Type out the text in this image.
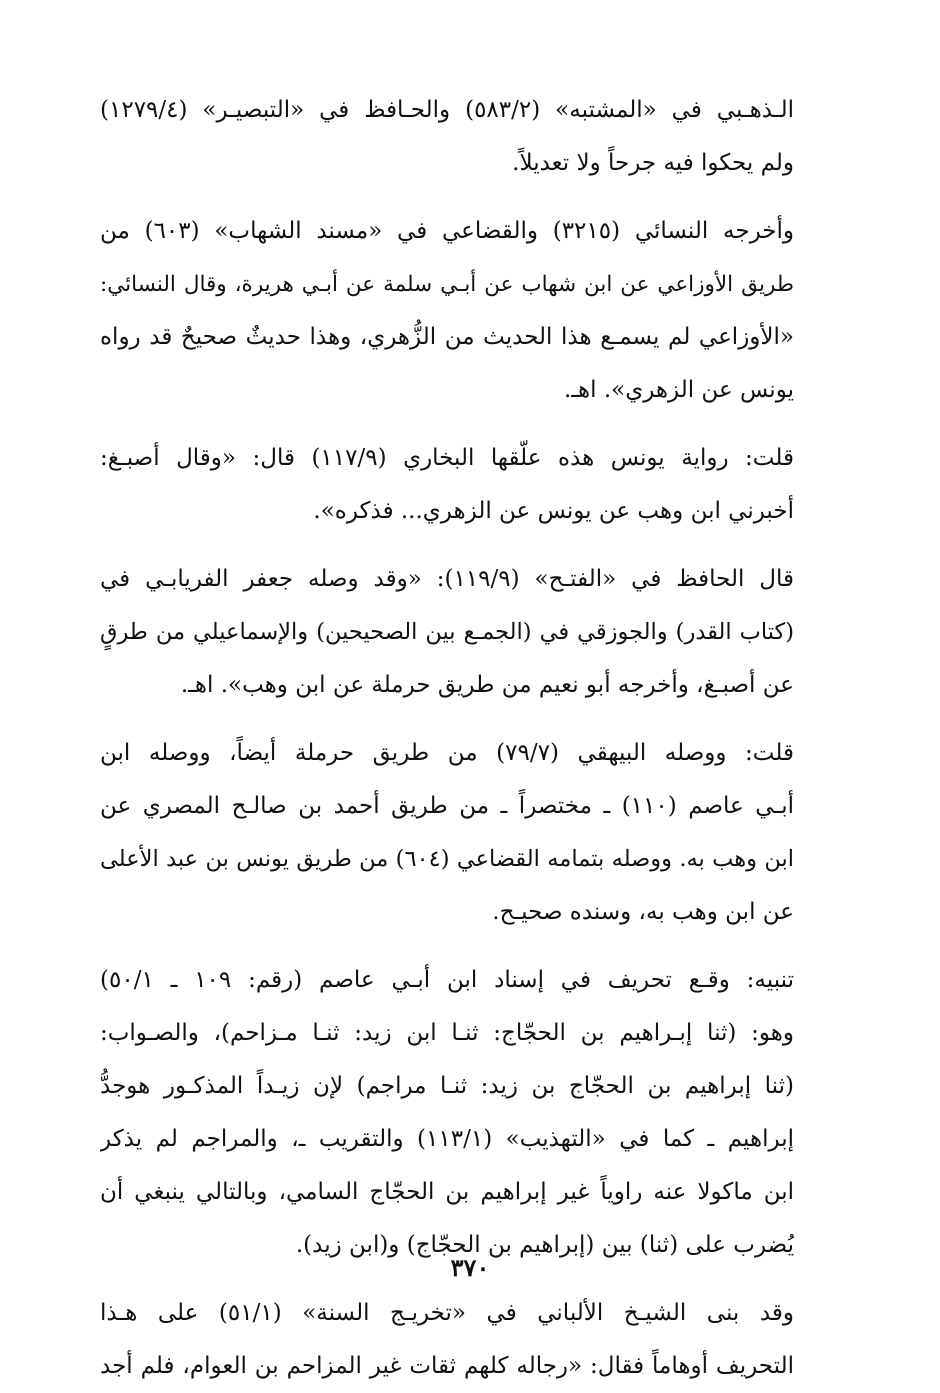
الـذهـبي في «المشتبه» (٥٨٣/٢) والحـافظ في «التبصيـر» (١٢٧٩/٤)
ولم يحكوا فيه جرحاً ولا تعديلاً.
وأخرجه النسائي (٣٢١٥) والقضاعي في «مسند الشهاب» (٦٠٣) من
طريق الأوزاعي عن ابن شهاب عن أبـي سلمة عن أبـي هريرة، وقال النسائي:
«الأوزاعي لم يسمـع هذا الحديث من الزُّهري، وهذا حديثٌ صحيحٌ قد رواه
يونس عن الزهري». اهـ.
قلت: رواية يونس هذه علّقها البخاري (١١٧/٩) قال: «وقال أصبـغ:
أخبرني ابن وهب عن يونس عن الزهري... فذكره».
قال الحافظ في «الفتـح» (١١٩/٩): «وقد وصله جعفر الفريابـي في
(كتاب القدر) والجوزقي في (الجمـع بين الصحيحين) والإسماعيلي من طرقٍ
عن أصبـغ، وأخرجه أبو نعيم من طريق حرملة عن ابن وهب». اهـ.
قلت: ووصله البيهقي (٧٩/٧) من طريق حرملة أيضاً، ووصله ابن
أبـي عاصم (١١٠) ـ مختصراً ـ من طريق أحمد بن صالـح المصري عن
ابن وهب به. ووصله بتمامه القضاعي (٦٠٤) من طريق يونس بن عبد الأعلى
عن ابن وهب به، وسنده صحيـح.
تنبيه: وقـع تحريف في إسناد ابن أبـي عاصم (رقم: ١٠٩ ـ ٥٠/١)
وهو: (ثنا إبـراهيم بن الحجّاج: ثنـا ابن زيد: ثنـا مـزاحم)، والصـواب:
(ثنا إبراهيم بن الحجّاج بن زيد: ثنـا مراجم) لإن زيـداً المذكـور هوجدُّ
إبراهيم ـ كما في «التهذيب» (١١٣/١) والتقريب ـ، والمراجم لم يذكر
ابن ماكولا عنه راوياً غير إبراهيم بن الحجّاج السامي، وبالتالي ينبغي أن
يُضرب على (ثنا) بين (إبراهيم بن الحجّاج) و(ابن زيد).
وقد بنى الشيـخ الألباني في «تخريـج السنة» (٥١/١) على هـذا
التحريف أوهاماً فقال: «رجاله كلهم ثقات غير المزاحم بن العوام، فلم أجد
٣٧٠
